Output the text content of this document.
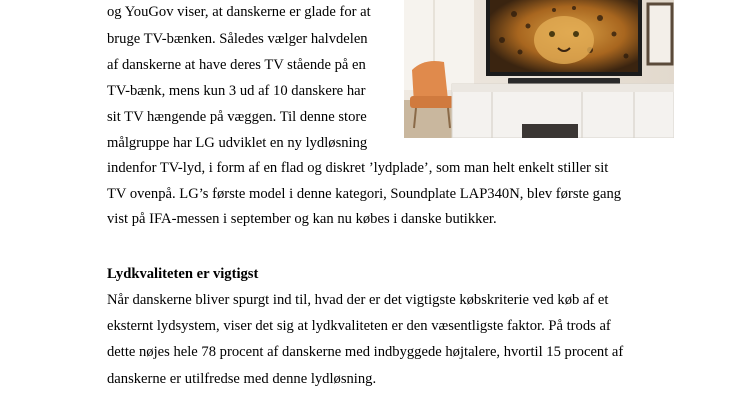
og YouGov viser, at danskerne er glade for at
bruge TV-bænken. Således vælger halvdelen
af danskerne at have deres TV stående på en
TV-bænk, mens kun 3 ud af 10 danskere har
sit TV hængende på væggen. Til denne store
målgruppe har LG udviklet en ny lydløsning
indenfor TV-lyd, i form af en flad og diskret ’lydplade’, som man helt enkelt stiller sit
TV ovenpå. LG’s første model i denne kategori, Soundplate LAP340N, blev første gang
vist på IFA-messen i september og kan nu købes i danske butikker.
Lydkvaliteten er vigtigst
Når danskerne bliver spurgt ind til, hvad der er det vigtigste købskriterie ved køb af et
eksternt lydsystem, viser det sig at lydkvaliteten er den væsentligste faktor. På trods af
dette nøjes hele 78 procent af danskerne med indbyggede højtalere, hvortil 15 procent af
danskerne er utilfredse med denne lydløsning.
